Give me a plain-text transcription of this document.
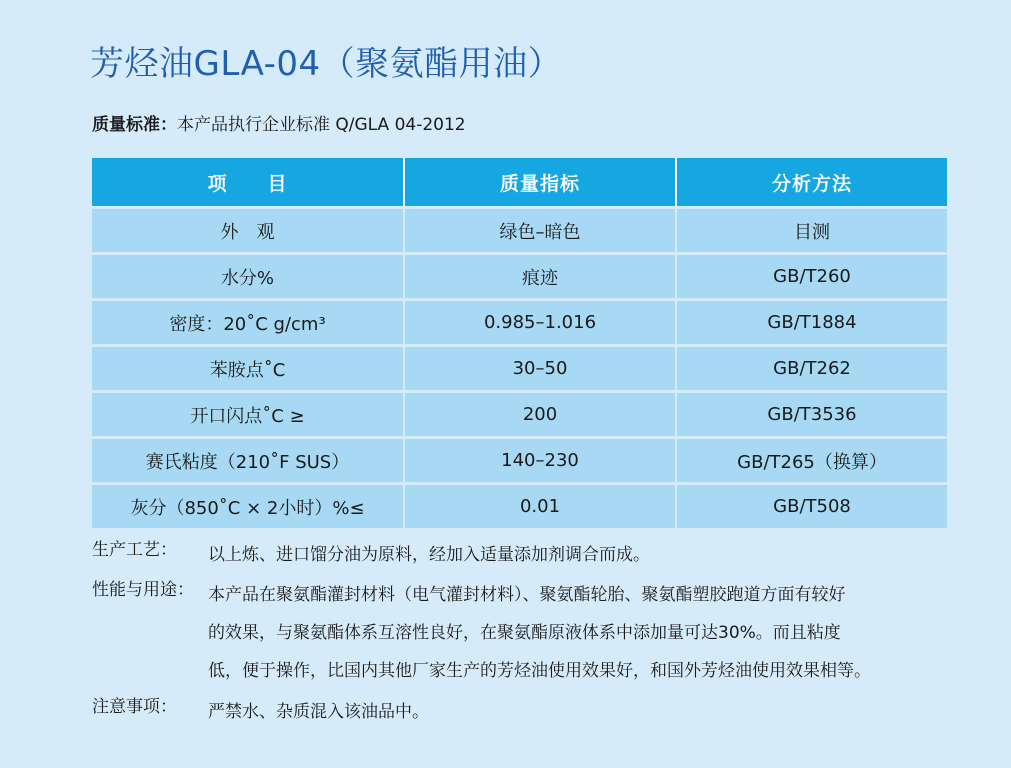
芳烃油GLA-04（聚氨酯用油）
质量标准：本产品执行企业标准 Q/GLA 04-2012
项　　目	质量指标	分析方法
外　观	绿色–暗色	目测
水分%	痕迹	GB/T260
密度：20˚C g/cm³	0.985–1.016	GB/T1884
苯胺点˚C	30–50	GB/T262
开口闪点˚C ≥	200	GB/T3536
赛氏粘度（210˚F SUS）	140–230	GB/T265（换算）
灰分（850˚C × 2小时）%≤	0.01	GB/T508
生产工艺： 以上炼、进口馏分油为原料，经加入适量添加剂调合而成。
性能与用途： 本产品在聚氨酯灌封材料（电气灌封材料）、聚氨酯轮胎、聚氨酯塑胶跑道方面有较好
的效果，与聚氨酯体系互溶性良好，在聚氨酯原液体系中添加量可达30%。而且粘度
低，便于操作，比国内其他厂家生产的芳烃油使用效果好，和国外芳烃油使用效果相等。
注意事项： 严禁水、杂质混入该油品中。
